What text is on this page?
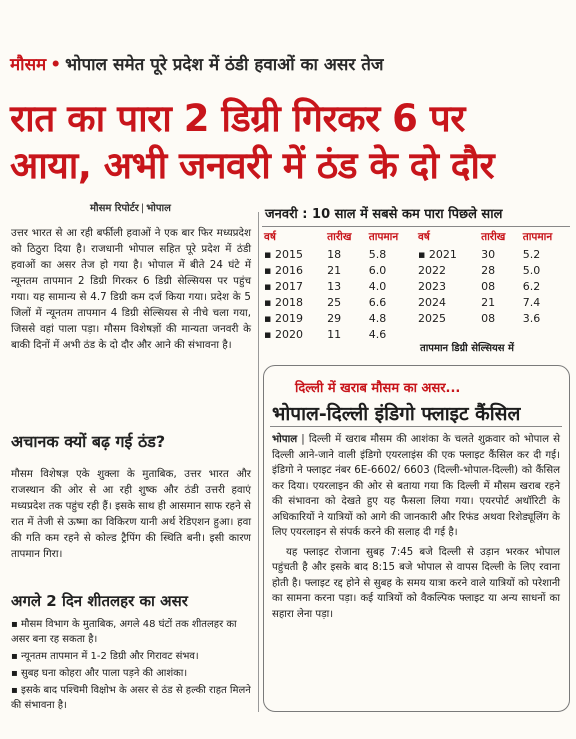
मौसम • भोपाल समेत पूरे प्रदेश में ठंडी हवाओं का असर तेज
रात का पारा 2 डिग्री गिरकर 6 पर
आया, अभी जनवरी में ठंड के दो दौर
मौसम रिपोर्टर | भोपाल

उत्तर भारत से आ रही बर्फीली हवाओं ने एक बार फिर मध्यप्रदेश को ठिठुरा दिया है। राजधानी भोपाल सहित पूरे प्रदेश में ठंडी हवाओं का असर तेज हो गया है। भोपाल में बीते 24 घंटे में न्यूनतम तापमान 2 डिग्री गिरकर 6 डिग्री सेल्सियस पर पहुंच गया। यह सामान्य से 4.7 डिग्री कम दर्ज किया गया। प्रदेश के 5 जिलों में न्यूनतम तापमान 4 डिग्री सेल्सियस से नीचे चला गया, जिससे वहां पाला पड़ा। मौसम विशेषज्ञों की मान्यता जनवरी के बाकी दिनों में अभी ठंड के दो दौर और आने की संभावना है।

अचानक क्यों बढ़ गई ठंड?

मौसम विशेषज्ञ एके शुक्ला के मुताबिक, उत्तर भारत और राजस्थान की ओर से आ रही शुष्क और ठंडी उत्तरी हवाएं मध्यप्रदेश तक पहुंच रही हैं। इसके साथ ही आसमान साफ रहने से रात में तेजी से ऊष्मा का विकिरण यानी अर्थ रेडिएशन हुआ। हवा की गति कम रहने से कोल्ड ट्रैपिंग की स्थिति बनी। इसी कारण तापमान गिरा।

अगले 2 दिन शीतलहर का असर
▪ मौसम विभाग के मुताबिक, अगले 48 घंटों तक शीतलहर का असर बना रह सकता है।
▪ न्यूनतम तापमान में 1-2 डिग्री और गिरावट संभव।
▪ सुबह घना कोहरा और पाला पड़ने की आशंका।
▪ इसके बाद पश्चिमी विक्षोभ के असर से ठंड से हल्की राहत मिलने की संभावना है।
जनवरी : 10 साल में सबसे कम पारा पिछले साल
वर्ष	तारीख	तापमान	वर्ष	तारीख	तापमान
▪ 2015	18	5.8	▪ 2021	30	5.2
▪ 2016	21	6.0	2022	28	5.0
▪ 2017	13	4.0	2023	08	6.2
▪ 2018	25	6.6	2024	21	7.4
▪ 2019	29	4.8	2025	08	3.6
▪ 2020	11	4.6			
तापमान डिग्री सेल्सियस में
दिल्ली में खराब मौसम का असर...
भोपाल-दिल्ली इंडिगो फ्लाइट कैंसिल

भोपाल | दिल्ली में खराब मौसम की आशंका के चलते शुक्रवार को भोपाल से दिल्ली आने-जाने वाली इंडिगो एयरलाइंस की एक फ्लाइट कैंसिल कर दी गई। इंडिगो ने फ्लाइट नंबर 6E-6602/ 6603 (दिल्ली-भोपाल-दिल्ली) को कैंसिल कर दिया। एयरलाइन की ओर से बताया गया कि दिल्ली में मौसम खराब रहने की संभावना को देखते हुए यह फैसला लिया गया। एयरपोर्ट अथॉरिटी के अधिकारियों ने यात्रियों को आगे की जानकारी और रिफंड अथवा रिशेड्यूलिंग के लिए एयरलाइन से संपर्क करने की सलाह दी गई है।

यह फ्लाइट रोजाना सुबह 7:45 बजे दिल्ली से उड़ान भरकर भोपाल पहुंचती है और इसके बाद 8:15 बजे भोपाल से वापस दिल्ली के लिए रवाना होती है। फ्लाइट रद्द होने से सुबह के समय यात्रा करने वाले यात्रियों को परेशानी का सामना करना पड़ा। कई यात्रियों को वैकल्पिक फ्लाइट या अन्य साधनों का सहारा लेना पड़ा।
